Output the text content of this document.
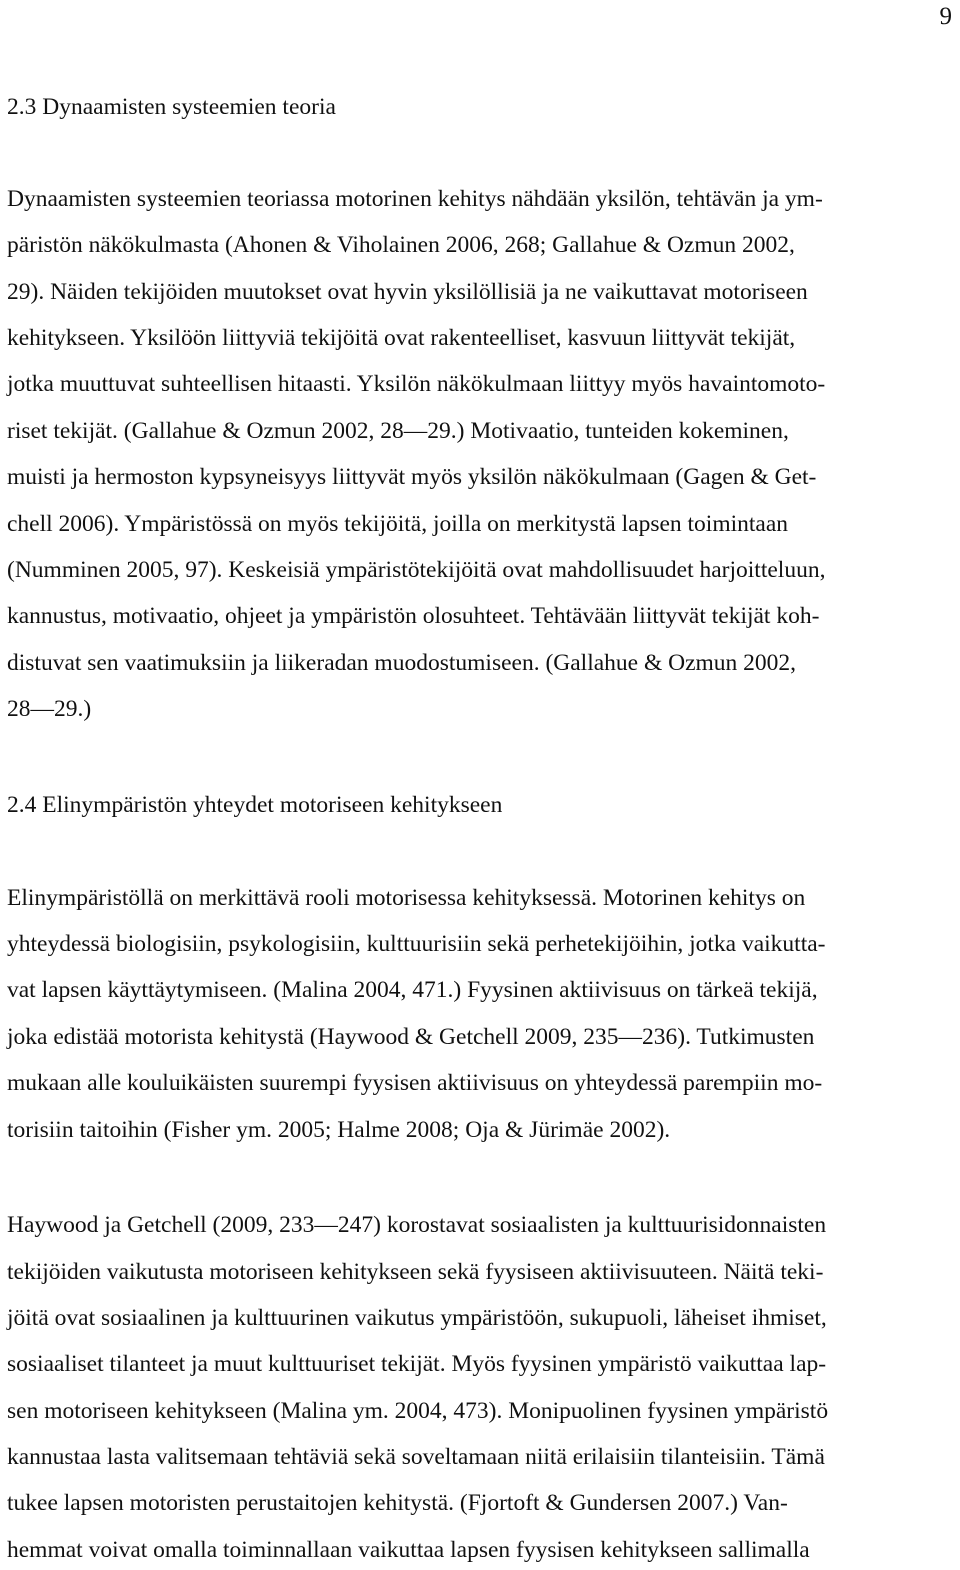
9
2.3 Dynaamisten systeemien teoria
Dynaamisten systeemien teoriassa motorinen kehitys nähdään yksilön, tehtävän ja ym-
päristön näkökulmasta (Ahonen & Viholainen 2006, 268; Gallahue & Ozmun 2002,
29). Näiden tekijöiden muutokset ovat hyvin yksilöllisiä ja ne vaikuttavat motoriseen
kehitykseen. Yksilöön liittyviä tekijöitä ovat rakenteelliset, kasvuun liittyvät tekijät,
jotka muuttuvat suhteellisen hitaasti. Yksilön näkökulmaan liittyy myös havaintomoto-
riset tekijät. (Gallahue & Ozmun 2002, 28—29.) Motivaatio, tunteiden kokeminen,
muisti ja hermoston kypsyneisyys liittyvät myös yksilön näkökulmaan (Gagen & Get-
chell 2006). Ympäristössä on myös tekijöitä, joilla on merkitystä lapsen toimintaan
(Numminen 2005, 97). Keskeisiä ympäristötekijöitä ovat mahdollisuudet harjoitteluun,
kannustus, motivaatio, ohjeet ja ympäristön olosuhteet. Tehtävään liittyvät tekijät koh-
distuvat sen vaatimuksiin ja liikeradan muodostumiseen. (Gallahue & Ozmun 2002,
28—29.)
2.4 Elinympäristön yhteydet motoriseen kehitykseen
Elinympäristöllä on merkittävä rooli motorisessa kehityksessä. Motorinen kehitys on
yhteydessä biologisiin, psykologisiin, kulttuurisiin sekä perhetekijöihin, jotka vaikutta-
vat lapsen käyttäytymiseen. (Malina 2004, 471.) Fyysinen aktiivisuus on tärkeä tekijä,
joka edistää motorista kehitystä (Haywood & Getchell 2009, 235—236). Tutkimusten
mukaan alle kouluikäisten suurempi fyysisen aktiivisuus on yhteydessä parempiin mo-
torisiin taitoihin (Fisher ym. 2005; Halme 2008; Oja & Jürimäe 2002).
Haywood ja Getchell (2009, 233—247) korostavat sosiaalisten ja kulttuurisidonnaisten
tekijöiden vaikutusta motoriseen kehitykseen sekä fyysiseen aktiivisuuteen. Näitä teki-
jöitä ovat sosiaalinen ja kulttuurinen vaikutus ympäristöön, sukupuoli, läheiset ihmiset,
sosiaaliset tilanteet ja muut kulttuuriset tekijät. Myös fyysinen ympäristö vaikuttaa lap-
sen motoriseen kehitykseen (Malina ym. 2004, 473). Monipuolinen fyysinen ympäristö
kannustaa lasta valitsemaan tehtäviä sekä soveltamaan niitä erilaisiin tilanteisiin. Tämä
tukee lapsen motoristen perustaitojen kehitystä. (Fjortoft & Gundersen 2007.) Van-
hemmat voivat omalla toiminnallaan vaikuttaa lapsen fyysisen kehitykseen sallimalla
